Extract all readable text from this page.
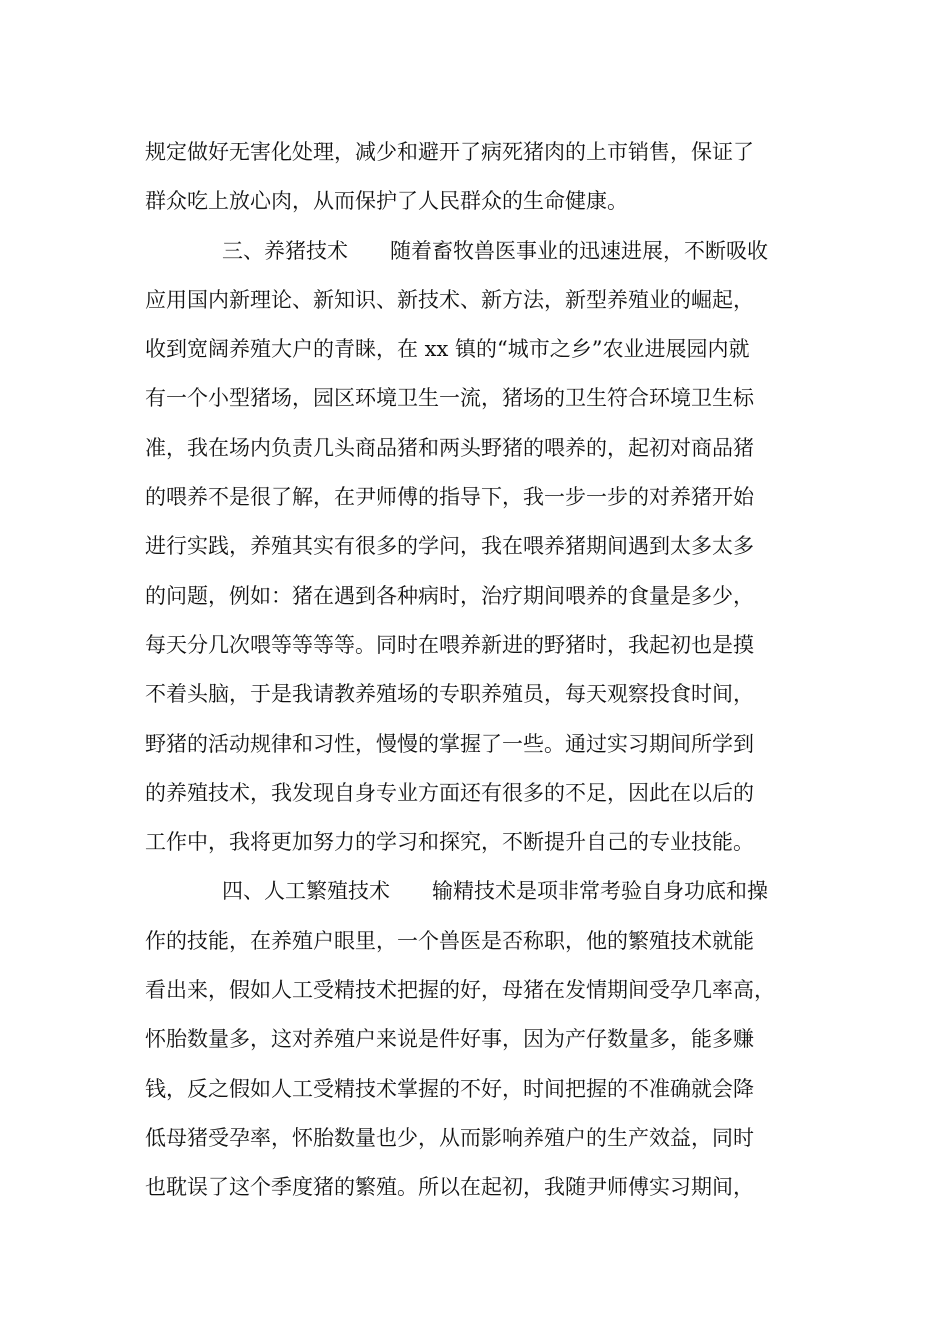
规定做好无害化处理，减少和避开了病死猪肉的上市销售，保证了
群众吃上放心肉，从而保护了人民群众的生命健康。
三、养猪技术　　随着畜牧兽医事业的迅速进展，不断吸收
应用国内新理论、新知识、新技术、新方法，新型养殖业的崛起，
收到宽阔养殖大户的青睐，在 xx 镇的“城市之乡”农业进展园内就
有一个小型猪场，园区环境卫生一流，猪场的卫生符合环境卫生标
准，我在场内负责几头商品猪和两头野猪的喂养的，起初对商品猪
的喂养不是很了解，在尹师傅的指导下，我一步一步的对养猪开始
进行实践，养殖其实有很多的学问，我在喂养猪期间遇到太多太多
的问题，例如：猪在遇到各种病时，治疗期间喂养的食量是多少，
每天分几次喂等等等等。同时在喂养新进的野猪时，我起初也是摸
不着头脑，于是我请教养殖场的专职养殖员，每天观察投食时间，
野猪的活动规律和习性，慢慢的掌握了一些。通过实习期间所学到
的养殖技术，我发现自身专业方面还有很多的不足，因此在以后的
工作中，我将更加努力的学习和探究，不断提升自己的专业技能。
四、人工繁殖技术　　输精技术是项非常考验自身功底和操
作的技能，在养殖户眼里，一个兽医是否称职，他的繁殖技术就能
看出来，假如人工受精技术把握的好，母猪在发情期间受孕几率高，
怀胎数量多，这对养殖户来说是件好事，因为产仔数量多，能多赚
钱，反之假如人工受精技术掌握的不好，时间把握的不准确就会降
低母猪受孕率，怀胎数量也少，从而影响养殖户的生产效益，同时
也耽误了这个季度猪的繁殖。所以在起初，我随尹师傅实习期间，
